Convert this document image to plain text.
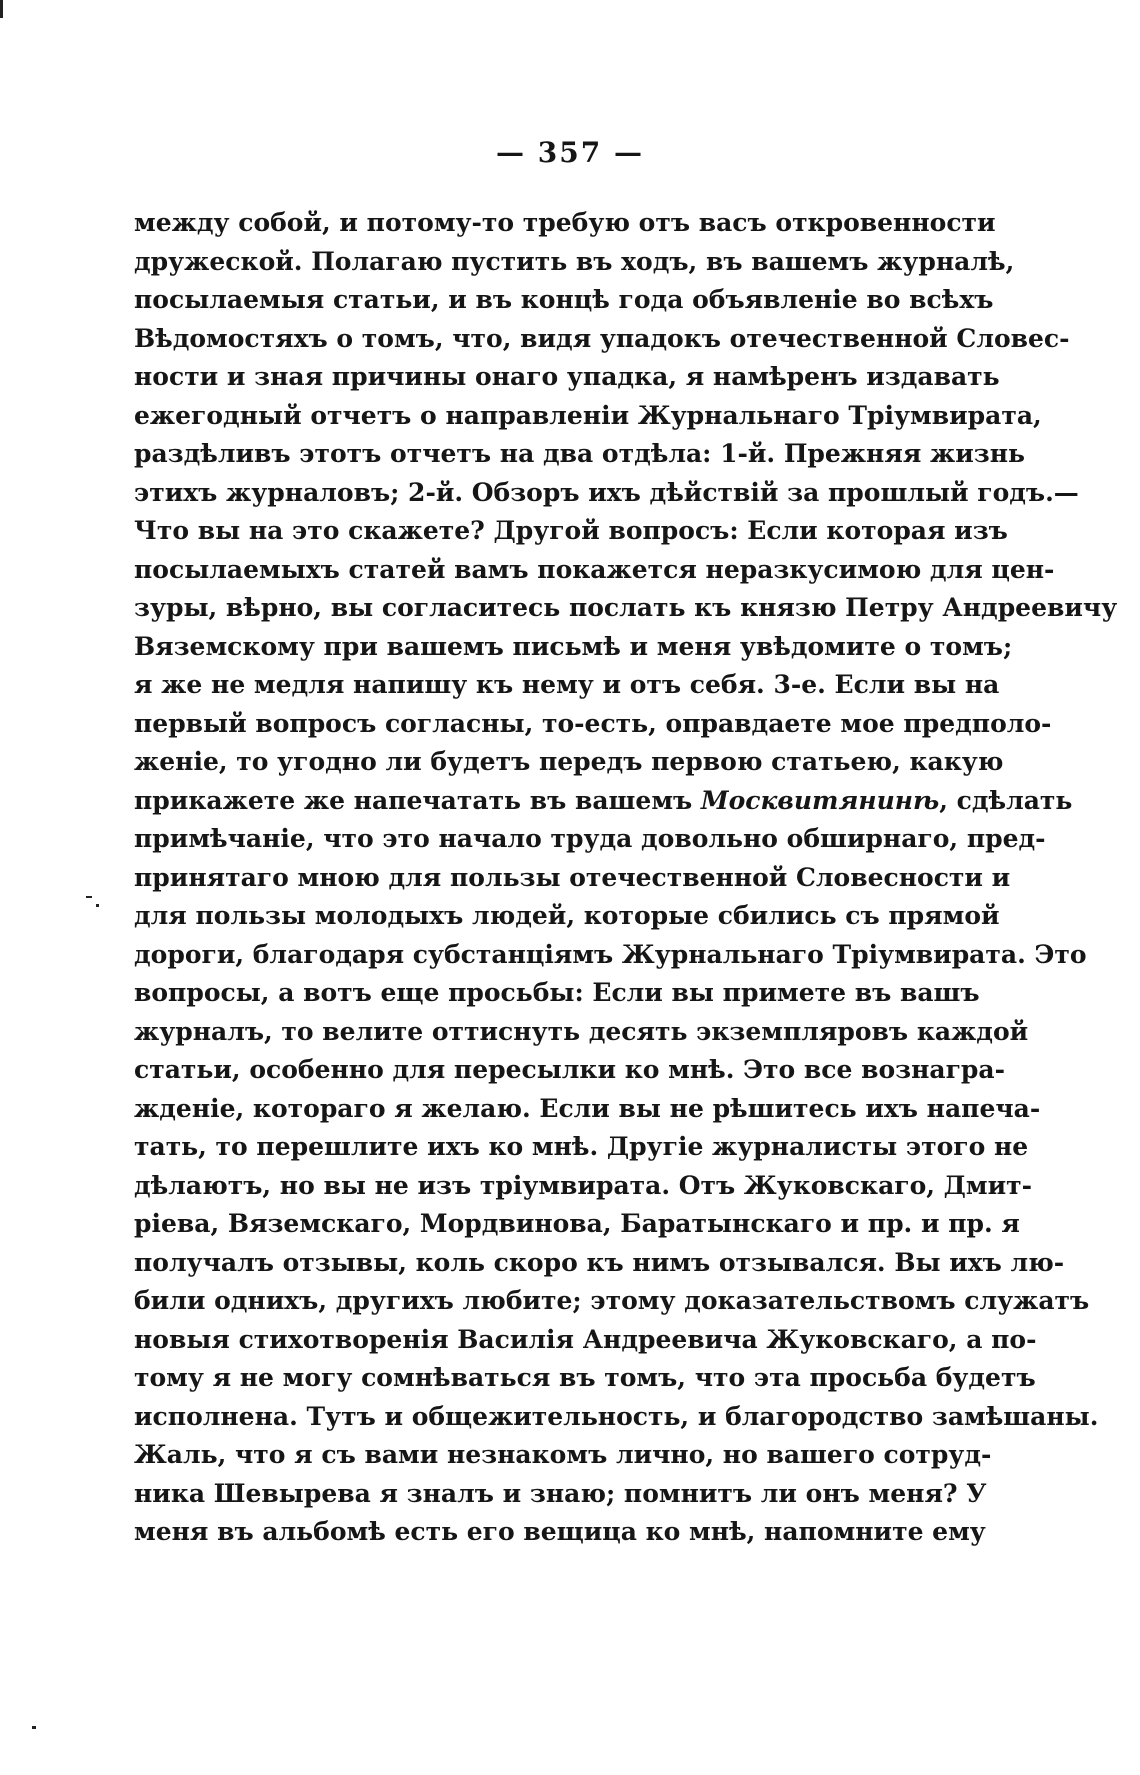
— 357 —
между собой, и потому-то требую отъ васъ откровенности
дружеской. Полагаю пустить въ ходъ, въ вашемъ журналѣ,
посылаемыя статьи, и въ концѣ года объявленіе во всѣхъ
Вѣдомостяхъ о томъ, что, видя упадокъ отечественной Словес-
ности и зная причины онаго упадка, я намѣренъ издавать
ежегодный отчетъ о направленіи Журнальнаго Тріумвирата,
раздѣливъ этотъ отчетъ на два отдѣла: 1-й. Прежняя жизнь
этихъ журналовъ; 2-й. Обзоръ ихъ дѣйствій за прошлый годъ.—
Что вы на это скажете? Другой вопросъ: Если которая изъ
посылаемыхъ статей вамъ покажется неразкусимою для цен-
зуры, вѣрно, вы согласитесь послать къ князю Петру Андреевичу
Вяземскому при вашемъ письмѣ и меня увѣдомите о томъ;
я же не медля напишу къ нему и отъ себя. 3-е. Если вы на
первый вопросъ согласны, то-есть, оправдаете мое предполо-
женіе, то угодно ли будетъ передъ первою статьею, какую
прикажете же напечатать въ вашемъ Москвитянинѣ, сдѣлать
примѣчаніе, что это начало труда довольно обширнаго, пред-
принятаго мною для пользы отечественной Словесности и
для пользы молодыхъ людей, которые сбились съ прямой
дороги, благодаря субстанціямъ Журнальнаго Тріумвирата. Это
вопросы, а вотъ еще просьбы: Если вы примете въ вашъ
журналъ, то велите оттиснуть десять экземпляровъ каждой
статьи, особенно для пересылки ко мнѣ. Это все вознагра-
жденіе, котораго я желаю. Если вы не рѣшитесь ихъ напеча-
тать, то перешлите ихъ ко мнѣ. Другіе журналисты этого не
дѣлаютъ, но вы не изъ тріумвирата. Отъ Жуковскаго, Дмит-
ріева, Вяземскаго, Мордвинова, Баратынскаго и пр. и пр. я
получалъ отзывы, коль скоро къ нимъ отзывался. Вы ихъ лю-
били однихъ, другихъ любите; этому доказательствомъ служатъ
новыя стихотворенія Василія Андреевича Жуковскаго, а по-
тому я не могу сомнѣваться въ томъ, что эта просьба будетъ
исполнена. Тутъ и общежительность, и благородство замѣшаны.
Жаль, что я съ вами незнакомъ лично, но вашего сотруд-
ника Шевырева я зналъ и знаю; помнитъ ли онъ меня? У
меня въ альбомѣ есть его вещица ко мнѣ, напомните ему
